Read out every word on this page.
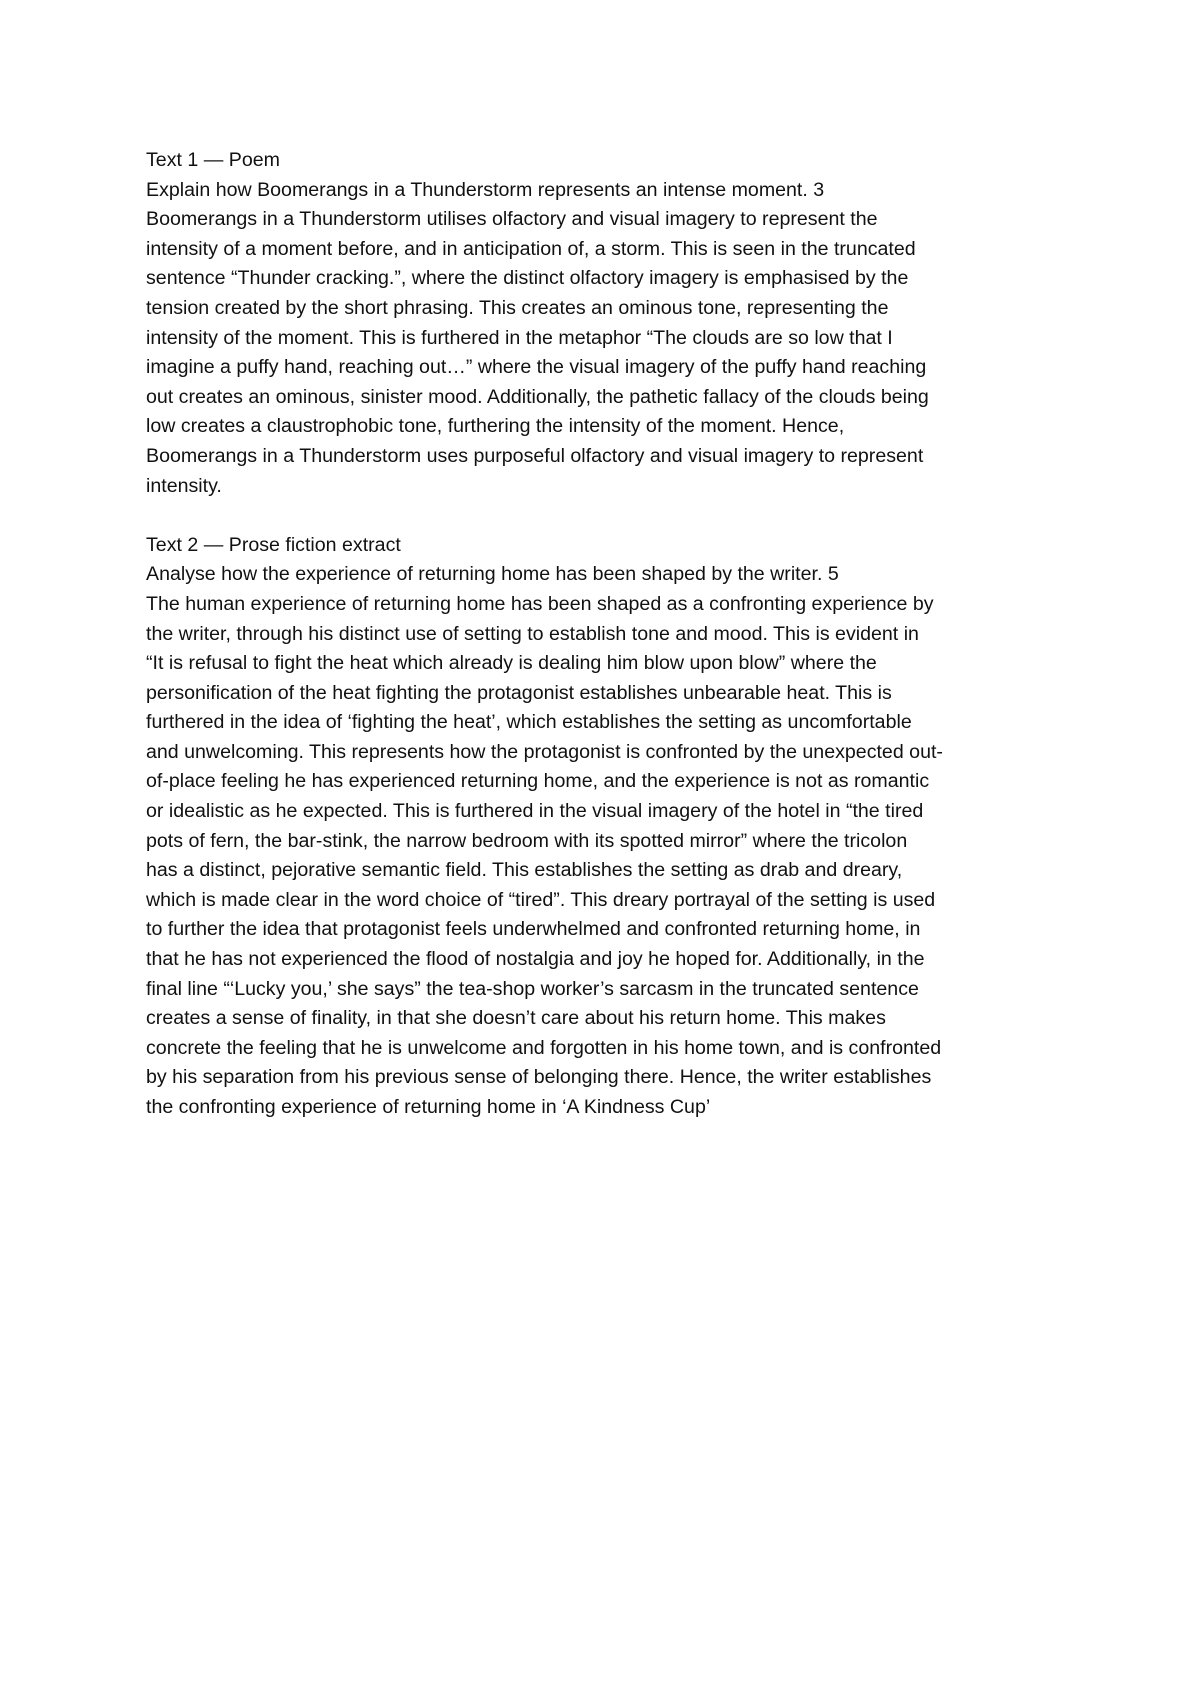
Text 1 — Poem
Explain how Boomerangs in a Thunderstorm represents an intense moment. 3
Boomerangs in a Thunderstorm utilises olfactory and visual imagery to represent the
intensity of a moment before, and in anticipation of, a storm. This is seen in the truncated
sentence “Thunder cracking.”, where the distinct olfactory imagery is emphasised by the
tension created by the short phrasing. This creates an ominous tone, representing the
intensity of the moment. This is furthered in the metaphor “The clouds are so low that I
imagine a puffy hand, reaching out…” where the visual imagery of the puffy hand reaching
out creates an ominous, sinister mood. Additionally, the pathetic fallacy of the clouds being
low creates a claustrophobic tone, furthering the intensity of the moment. Hence,
Boomerangs in a Thunderstorm uses purposeful olfactory and visual imagery to represent
intensity.
Text 2 — Prose fiction extract
Analyse how the experience of returning home has been shaped by the writer. 5
The human experience of returning home has been shaped as a confronting experience by
the writer, through his distinct use of setting to establish tone and mood. This is evident in
“It is refusal to fight the heat which already is dealing him blow upon blow” where the
personification of the heat fighting the protagonist establishes unbearable heat. This is
furthered in the idea of ‘fighting the heat’, which establishes the setting as uncomfortable
and unwelcoming. This represents how the protagonist is confronted by the unexpected out-
of-place feeling he has experienced returning home, and the experience is not as romantic
or idealistic as he expected. This is furthered in the visual imagery of the hotel in “the tired
pots of fern, the bar-stink, the narrow bedroom with its spotted mirror” where the tricolon
has a distinct, pejorative semantic field. This establishes the setting as drab and dreary,
which is made clear in the word choice of “tired”. This dreary portrayal of the setting is used
to further the idea that protagonist feels underwhelmed and confronted returning home, in
that he has not experienced the flood of nostalgia and joy he hoped for. Additionally, in the
final line “‘Lucky you,’ she says” the tea-shop worker’s sarcasm in the truncated sentence
creates a sense of finality, in that she doesn’t care about his return home. This makes
concrete the feeling that he is unwelcome and forgotten in his home town, and is confronted
by his separation from his previous sense of belonging there. Hence, the writer establishes
the confronting experience of returning home in ‘A Kindness Cup’
